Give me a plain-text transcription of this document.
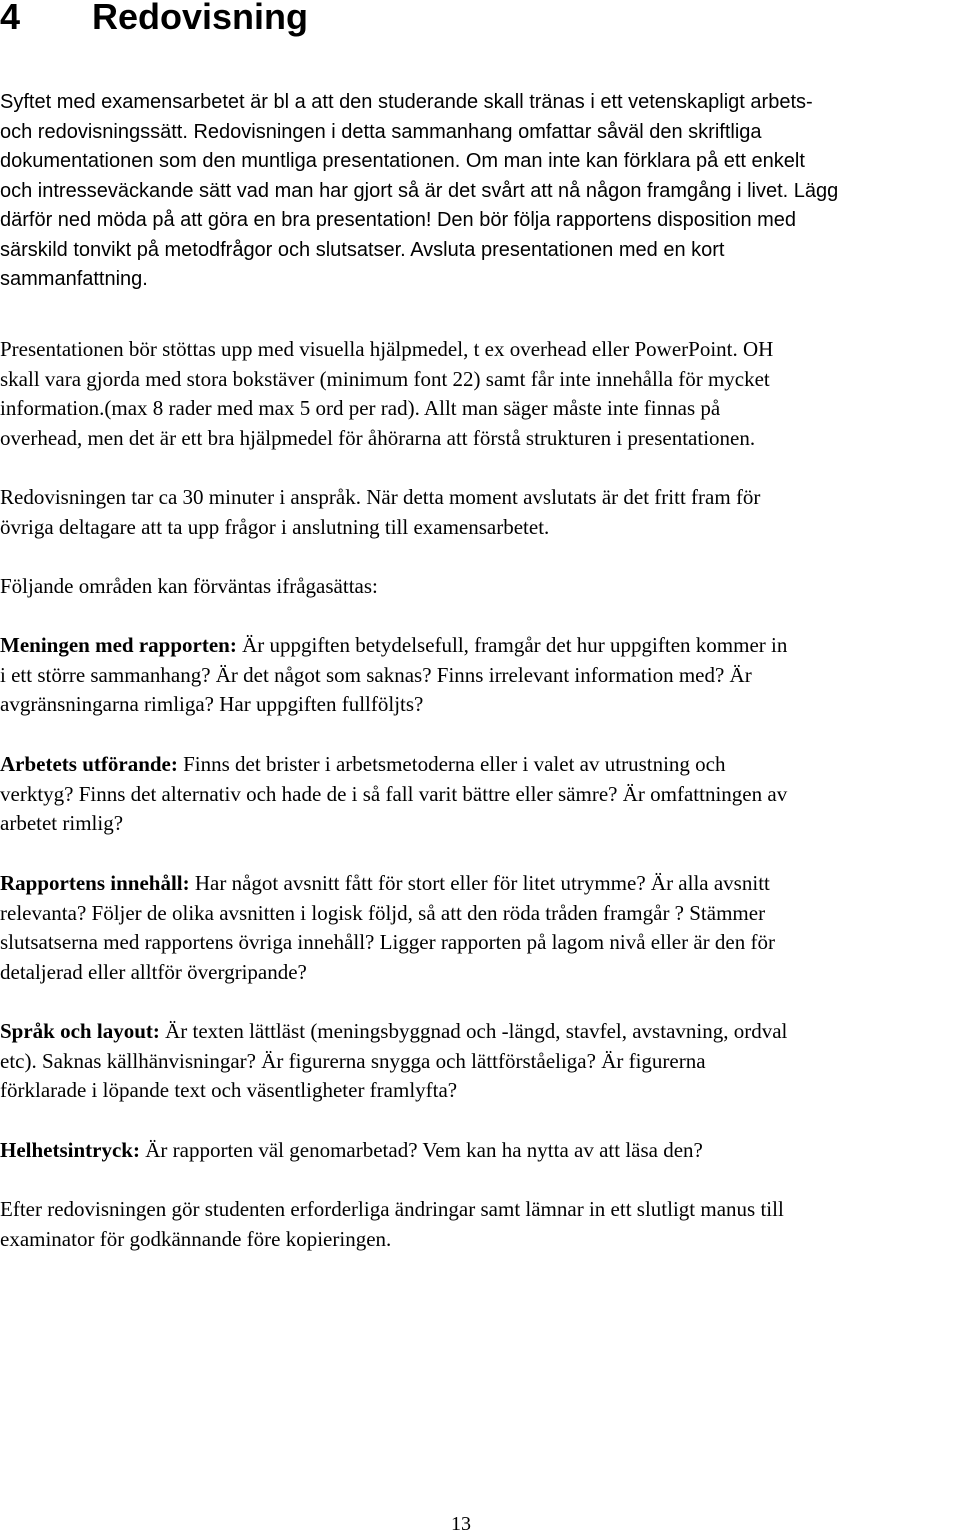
4 Redovisning

Syftet med examensarbetet är bl a att den studerande skall tränas i ett vetenskapligt arbets-
och redovisningssätt. Redovisningen i detta sammanhang omfattar såväl den skriftliga
dokumentationen som den muntliga presentationen. Om man inte kan förklara på ett enkelt
och intresseväckande sätt vad man har gjort så är det svårt att nå någon framgång i livet. Lägg
därför ned möda på att göra en bra presentation! Den bör följa rapportens disposition med
särskild tonvikt på metodfrågor och slutsatser. Avsluta presentationen med en kort
sammanfattning.

Presentationen bör stöttas upp med visuella hjälpmedel, t ex overhead eller PowerPoint. OH
skall vara gjorda med stora bokstäver (minimum font 22) samt får inte innehålla för mycket
information.(max 8 rader med max 5 ord per rad). Allt man säger måste inte finnas på
overhead, men det är ett bra hjälpmedel för åhörarna att förstå strukturen i presentationen.

Redovisningen tar ca 30 minuter i anspråk. När detta moment avslutats är det fritt fram för
övriga deltagare att ta upp frågor i anslutning till examensarbetet.

Följande områden kan förväntas ifrågasättas:

Meningen med rapporten: Är uppgiften betydelsefull, framgår det hur uppgiften kommer in
i ett större sammanhang? Är det något som saknas? Finns irrelevant information med? Är
avgränsningarna rimliga? Har uppgiften fullföljts?

Arbetets utförande: Finns det brister i arbetsmetoderna eller i valet av utrustning och
verktyg? Finns det alternativ och hade de i så fall varit bättre eller sämre? Är omfattningen av
arbetet rimlig?

Rapportens innehåll: Har något avsnitt fått för stort eller för litet utrymme? Är alla avsnitt
relevanta? Följer de olika avsnitten i logisk följd, så att den röda tråden framgår ? Stämmer
slutsatserna med rapportens övriga innehåll? Ligger rapporten på lagom nivå eller är den för
detaljerad eller alltför övergripande?

Språk och layout: Är texten lättläst (meningsbyggnad och -längd, stavfel, avstavning, ordval
etc). Saknas källhänvisningar? Är figurerna snygga och lättförståeliga? Är figurerna
förklarade i löpande text och väsentligheter framlyfta?

Helhetsintryck: Är rapporten väl genomarbetad? Vem kan ha nytta av att läsa den?

Efter redovisningen gör studenten erforderliga ändringar samt lämnar in ett slutligt manus till
examinator för godkännande före kopieringen.

13
